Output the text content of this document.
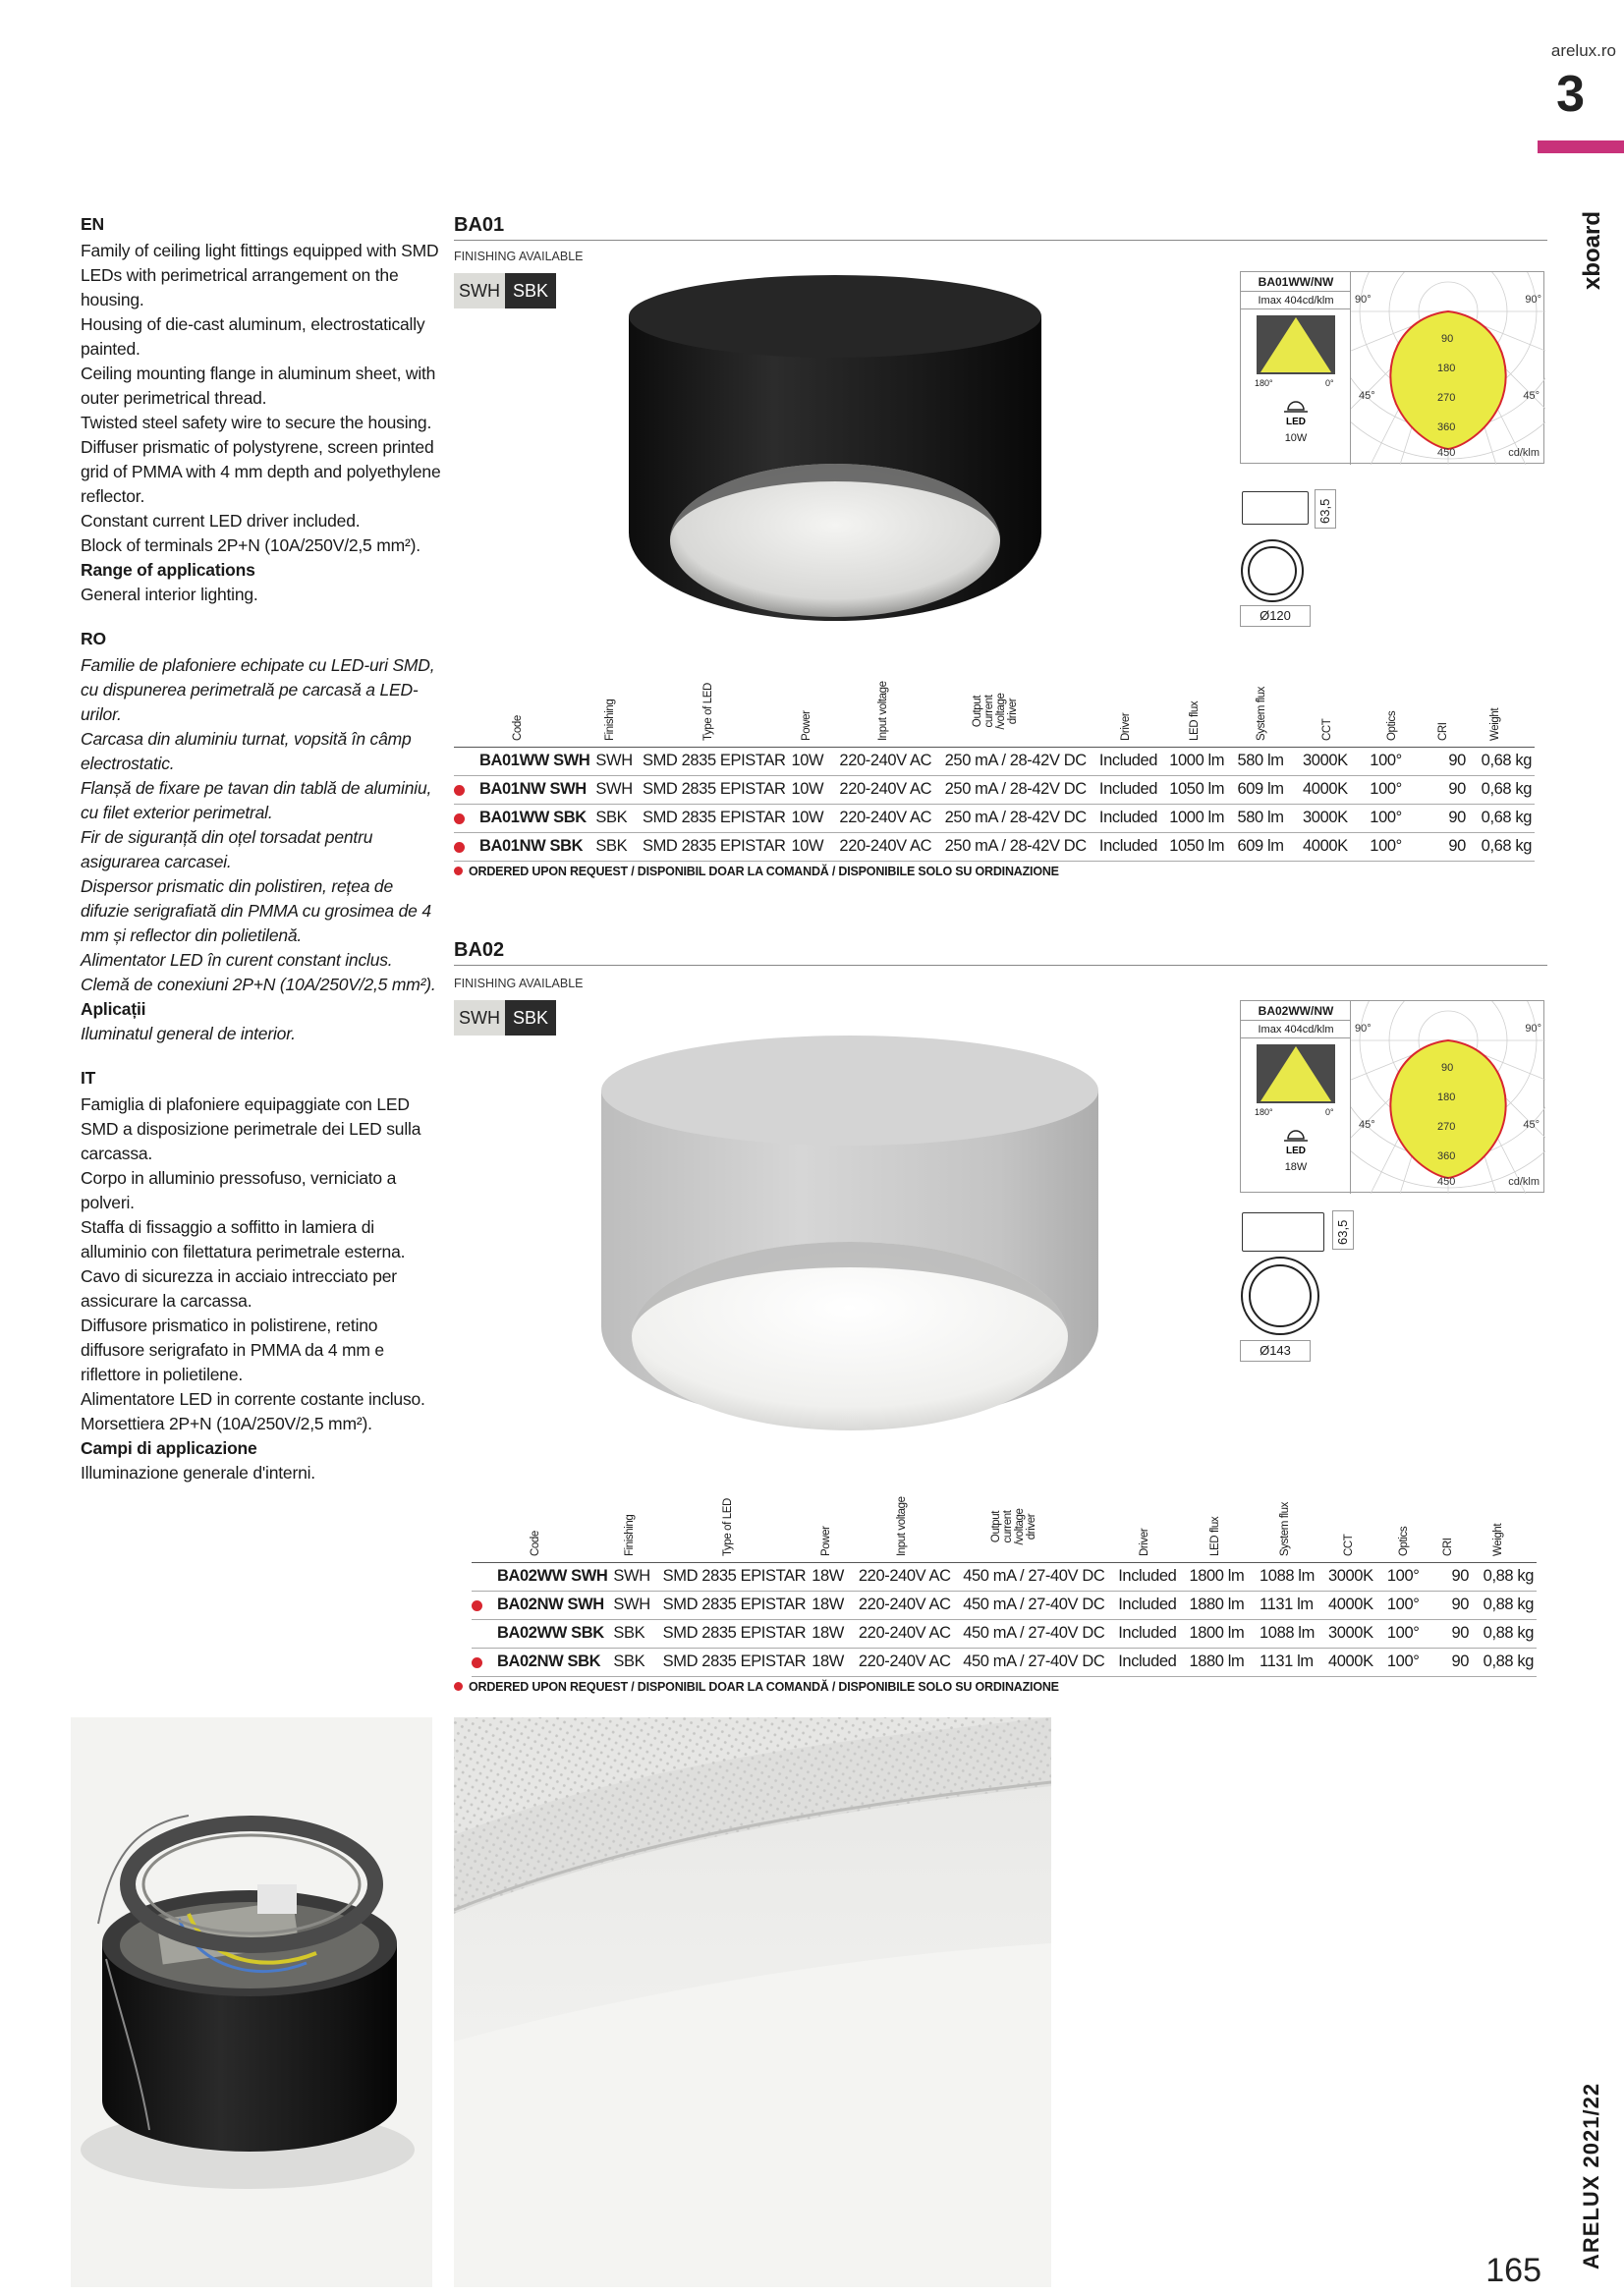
arelux.ro
3
xboard
ARELUX 2021/22
165
EN

Family of ceiling light fittings equipped with SMD LEDs with perimetrical arrangement on the housing.

Housing of die-cast aluminum, electrostatically painted.

Ceiling mounting flange in aluminum sheet, with outer perimetrical thread.

Twisted steel safety wire to secure the housing.

Diffuser prismatic of polystyrene, screen printed grid of PMMA with 4 mm depth and polyethylene reflector.

Constant current LED driver included.

Block of terminals 2P+N (10A/250V/2,5 mm²).

Range of applications

General interior lighting.

RO

Familie de plafoniere echipate cu LED-uri SMD, cu dispunerea perimetrală pe carcasă a LED-urilor.

Carcasa din aluminiu turnat, vopsită în câmp electrostatic.

Flanșă de fixare pe tavan din tablă de aluminiu, cu filet exterior perimetral.

Fir de siguranță din oțel torsadat pentru asigurarea carcasei.

Dispersor prismatic din polistiren, rețea de difuzie serigrafiată din PMMA cu grosimea de 4 mm și reflector din polietilenă.

Alimentator LED în curent constant inclus.

Clemă de conexiuni 2P+N (10A/250V/2,5 mm²).

Aplicații

Iluminatul general de interior.

IT

Famiglia di plafoniere equipaggiate con LED SMD a disposizione perimetrale dei LED sulla carcassa.

Corpo in alluminio pressofuso, verniciato a polveri.

Staffa di fissaggio a soffitto in lamiera di alluminio con filettatura perimetrale esterna.

Cavo di sicurezza in acciaio intrecciato per assicurare la carcassa.

Diffusore prismatico in polistirene, retino diffusore serigrafato in PMMA da 4 mm e riflettore in polietilene.

Alimentatore LED in corrente costante incluso.

Morsettiera 2P+N (10A/250V/2,5 mm²).

Campi di applicazione

Illuminazione generale d'interni.

BA01
FINISHING AVAILABLE
SWH SBK	BA01WW/NW
Imax 404cd/klm
180°	0°
LED
10W
90°	90°
45°	45°
90
180
270
360
450	cd/klm
63,5
Ø120
Code	Finishing	Type of LED	Power	Input voltage	Output current /voltage driver	Driver	LED flux	System flux	CCT	Optics	CRI	Weight

BA01WW SWH	SWH	SMD 2835 EPISTAR	10W	220-240V AC	250 mA / 28-42V DC	Included	1000 lm	580 lm	3000K	100°	90	0,68 kg

BA01NW SWH	SWH	SMD 2835 EPISTAR	10W	220-240V AC	250 mA / 28-42V DC	Included	1050 lm	609 lm	4000K	100°	90	0,68 kg

BA01WW SBK	SBK	SMD 2835 EPISTAR	10W	220-240V AC	250 mA / 28-42V DC	Included	1000 lm	580 lm	3000K	100°	90	0,68 kg

BA01NW SBK	SBK	SMD 2835 EPISTAR	10W	220-240V AC	250 mA / 28-42V DC	Included	1050 lm	609 lm	4000K	100°	90	0,68 kg
ORDERED UPON REQUEST / DISPONIBIL DOAR LA COMANDĂ / DISPONIBILE SOLO SU ORDINAZIONE
BA02
FINISHING AVAILABLE
SWH SBK	BA02WW/NW
Imax 404cd/klm
180°	0°
LED
18W
90°	90°
45°	45°
90
180
270
360
450	cd/klm
63,5
Ø143
Code	Finishing	Type of LED	Power	Input voltage	Output current /voltage driver	Driver	LED flux	System flux	CCT	Optics	CRI	Weight

BA02WW SWH	SWH	SMD 2835 EPISTAR	18W	220-240V AC	450 mA / 27-40V DC	Included	1800 lm	1088 lm	3000K	100°	90	0,88 kg

BA02NW SWH	SWH	SMD 2835 EPISTAR	18W	220-240V AC	450 mA / 27-40V DC	Included	1880 lm	1131 lm	4000K	100°	90	0,88 kg
BA02WW SBK	SBK	SMD 2835 EPISTAR	18W	220-240V AC	450 mA / 27-40V DC	Included	1800 lm	1088 lm	3000K	100°	90	0,88 kg

BA02NW SBK	SBK	SMD 2835 EPISTAR	18W	220-240V AC	450 mA / 27-40V DC	Included	1880 lm	1131 lm	4000K	100°	90	0,88 kg
ORDERED UPON REQUEST / DISPONIBIL DOAR LA COMANDĂ / DISPONIBILE SOLO SU ORDINAZIONE
